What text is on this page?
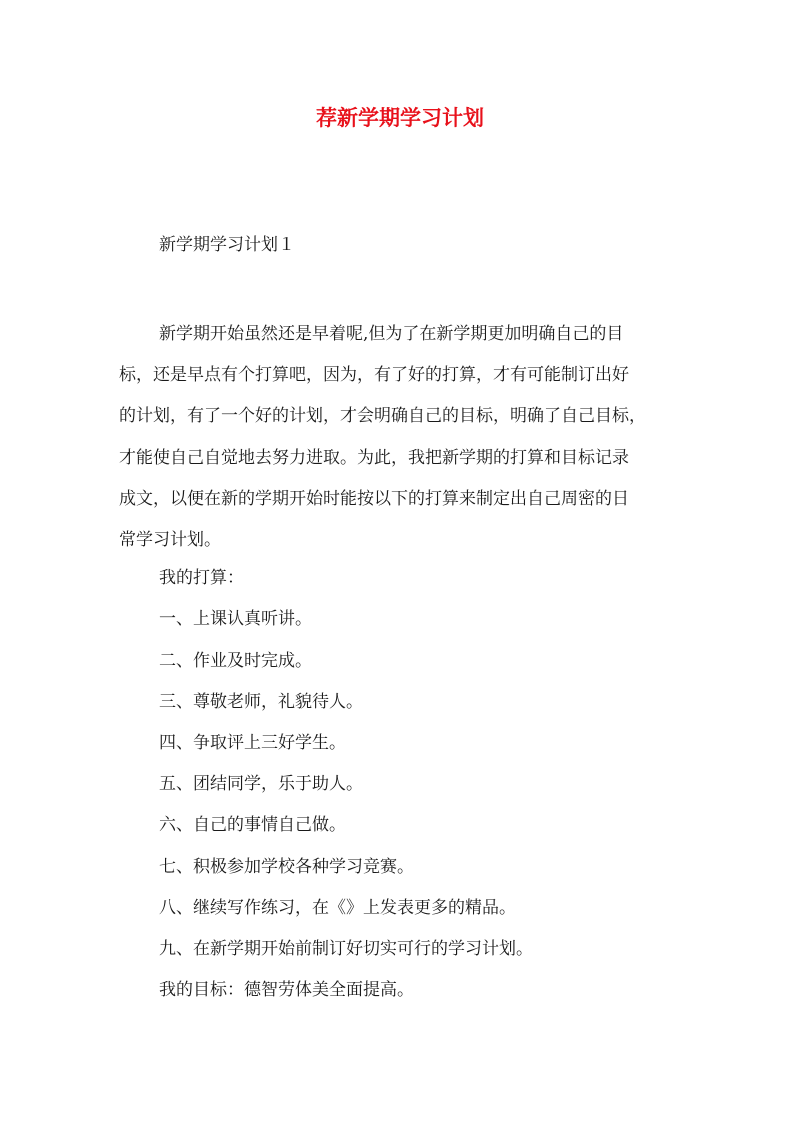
荐新学期学习计划

新学期学习计划１

新学期开始虽然还是早着呢,但为了在新学期更加明确自己的目
标，还是早点有个打算吧，因为，有了好的打算，才有可能制订出好
的计划，有了一个好的计划，才会明确自己的目标，明确了自己目标，
才能使自己自觉地去努力进取。为此，我把新学期的打算和目标记录
成文，以便在新的学期开始时能按以下的打算来制定出自己周密的日
常学习计划。

我的打算：

一、上课认真听讲。

二、作业及时完成。

三、尊敬老师，礼貌待人。

四、争取评上三好学生。

五、团结同学，乐于助人。

六、自己的事情自己做。

七、积极参加学校各种学习竞赛。

八、继续写作练习，在《》上发表更多的精品。

九、在新学期开始前制订好切实可行的学习计划。

我的目标：德智劳体美全面提高。
